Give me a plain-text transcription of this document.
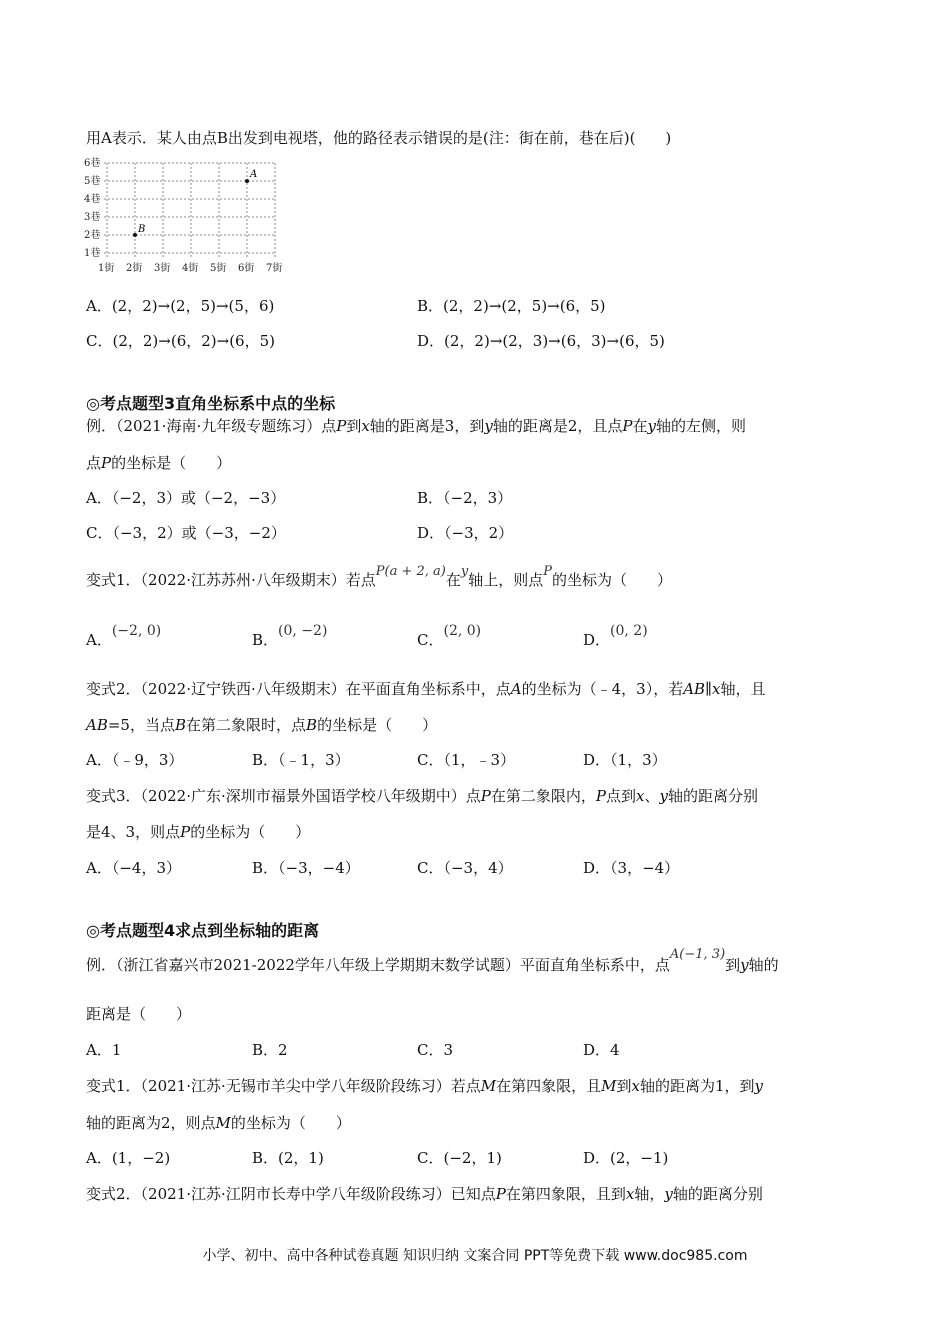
用A表示．某人由点B出发到电视塔，他的路径表示错误的是(注：街在前，巷在后)(　　)
6巷
5巷
4巷
3巷
2巷
1巷
1街 2街 3街 4街 5街 6街 7街
A
B
A．(2，2)→(2，5)→(5，6)	B．(2，2)→(2，5)→(6，5)
C．(2，2)→(6，2)→(6，5)	D．(2，2)→(2，3)→(6，3)→(6，5)
◎考点题型3直角坐标系中点的坐标
例．（2021·海南·九年级专题练习）点P到x轴的距离是3，到y轴的距离是2，且点P在y轴的左侧，则
点P的坐标是（　　）
A．（−2，3）或（−2，−3）	B．（−2，3）
C．（−3，2）或（−3，−2）	D．（−3，2）
变式1．（2022·江苏苏州·八年级期末）若点P(a + 2, a)在y轴上，则点P的坐标为（　　）
A．(−2, 0)	B．(0, −2)	C．(2, 0)	D．(0, 2)
变式2．（2022·辽宁铁西·八年级期末）在平面直角坐标系中，点A的坐标为（﹣4，3），若AB∥x轴，且
AB=5，当点B在第二象限时，点B的坐标是（　　）
A．（﹣9，3）	B．（﹣1，3）	C．（1，﹣3）	D．（1，3）
变式3．（2022·广东·深圳市福景外国语学校八年级期中）点P在第二象限内，P点到x、y轴的距离分别
是4、3，则点P的坐标为（　　）
A．（−4，3）	B．（−3，−4）	C．（−3，4）	D．（3，−4）
◎考点题型4求点到坐标轴的距离
例．（浙江省嘉兴市2021-2022学年八年级上学期期末数学试题）平面直角坐标系中，点A(−1, 3)到y轴的
距离是（　　）
A．1	B．2	C．3	D．4
变式1．（2021·江苏·无锡市羊尖中学八年级阶段练习）若点M在第四象限，且M到x轴的距离为1，到y
轴的距离为2，则点M的坐标为（　　）
A．(1，−2)	B．(2，1)	C．(−2，1)	D．(2，−1)
变式2．（2021·江苏·江阴市长寿中学八年级阶段练习）已知点P在第四象限，且到x轴，y轴的距离分别
小学、初中、高中各种试卷真题 知识归纳 文案合同 PPT等免费下载 www.doc985.com
